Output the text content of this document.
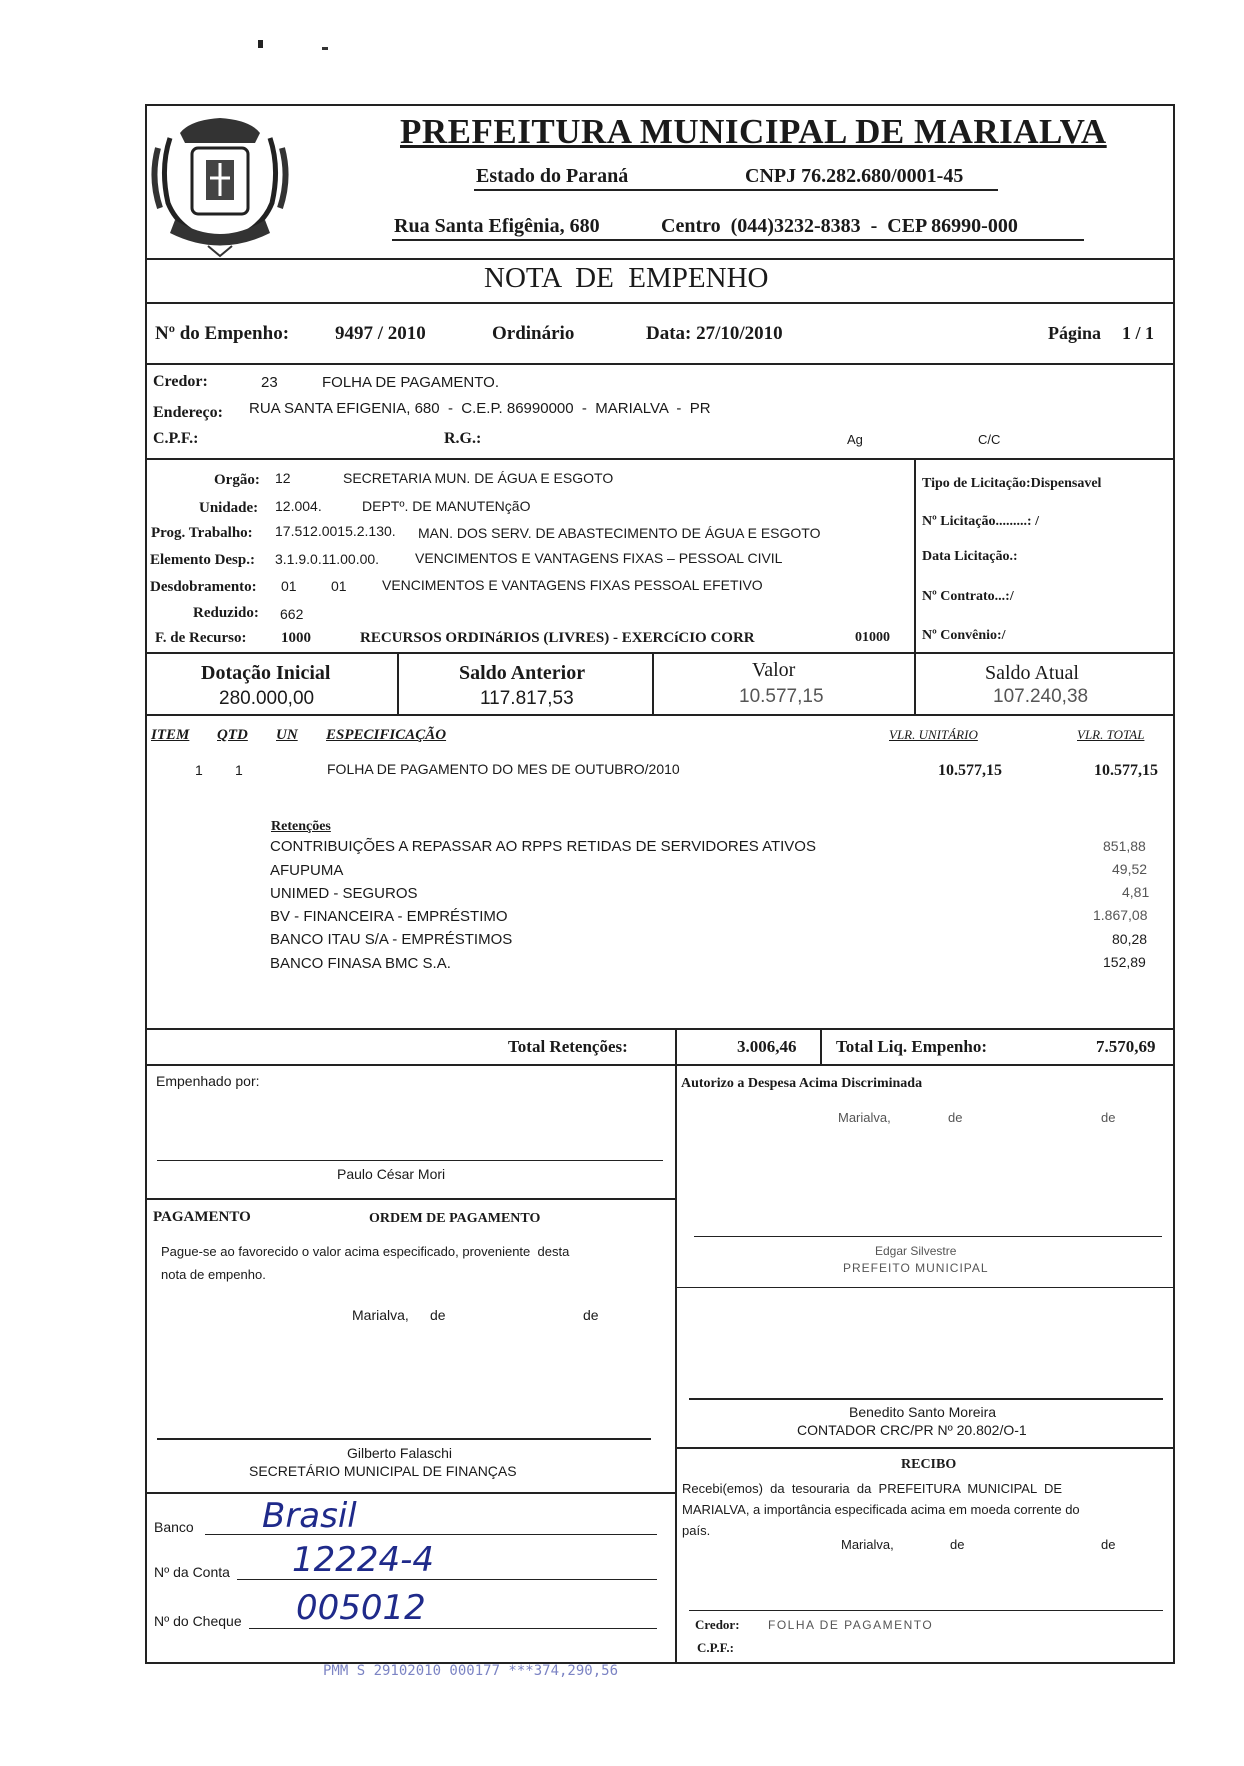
PREFEITURA MUNICIPAL DE MARIALVA
Estado do Paraná	CNPJ 76.282.680/0001-45
Rua Santa Efigênia, 680	Centro  (044)3232-8383  -  CEP 86990-000
NOTA  DE  EMPENHO
Nº do Empenho: 9497 / 2010	Ordinário	Data: 27/10/2010	Página 1 / 1
Credor:	23	FOLHA DE PAGAMENTO.
Endereço: RUA SANTA EFIGENIA, 680  -  C.E.P. 86990000  -  MARIALVA  -  PR
C.P.F.:	R.G.:	Ag	C/C
Orgão: 12	SECRETARIA MUN. DE ÁGUA E ESGOTO
Unidade: 12.004.	DEPTº. DE MANUTENçãO
Prog. Trabalho: 17.512.0015.2.130. MAN. DOS SERV. DE ABASTECIMENTO DE ÁGUA E ESGOTO
Elemento Desp.: 3.1.9.0.11.00.00.	VENCIMENTOS E VANTAGENS FIXAS – PESSOAL CIVIL
Desdobramento: 01 01	VENCIMENTOS E VANTAGENS FIXAS PESSOAL EFETIVO
Reduzido: 662
F. de Recurso: 1000	RECURSOS ORDINáRIOS (LIVRES) - EXERCíCIO CORR	01000
Tipo de Licitação:Dispensavel
Nº Licitação.........: /
Data Licitação.:
Nº Contrato...:/
Nº Convênio:/
Dotação Inicial
280.000,00
Saldo Anterior
117.817,53
Valor
10.577,15
Saldo Atual
107.240,38
ITEM QTD UN ESPECIFICAÇÃO	VLR. UNITÁRIO	VLR. TOTAL
1 1	FOLHA DE PAGAMENTO DO MES DE OUTUBRO/2010	10.577,15	10.577,15
Retenções
CONTRIBUIÇÕES A REPASSAR AO RPPS RETIDAS DE SERVIDORES ATIVOS	851,88
AFUPUMA	49,52
UNIMED - SEGUROS	4,81
BV - FINANCEIRA - EMPRÉSTIMO	1.867,08
BANCO ITAU S/A - EMPRÉSTIMOS	80,28
BANCO FINASA BMC S.A.	152,89
Total Retenções:	3.006,46 Total Liq. Empenho:	7.570,69
Empenhado por:
Paulo César Mori
Autorizo a Despesa Acima Discriminada
Marialva,	de	de
Edgar Silvestre
PREFEITO MUNICIPAL
PAGAMENTO	ORDEM DE PAGAMENTO
Pague-se ao favorecido o valor acima especificado, proveniente  desta
nota de empenho.
Marialva, de	de
Gilberto Falaschi
SECRETÁRIO MUNICIPAL DE FINANÇAS
Benedito Santo Moreira
CONTADOR CRC/PR Nº 20.802/O-1
RECIBO
Recebi(emos)  da  tesouraria  da  PREFEITURA  MUNICIPAL  DE
MARIALVA, a importância especificada acima em moeda corrente do
país.
Marialva,	de	de
Credor: FOLHA DE PAGAMENTO
C.P.F.:
Banco Brasil
Nº da Conta 12224-4
Nº do Cheque 005012
PMM S 29102010 000177 ***374,290,56
